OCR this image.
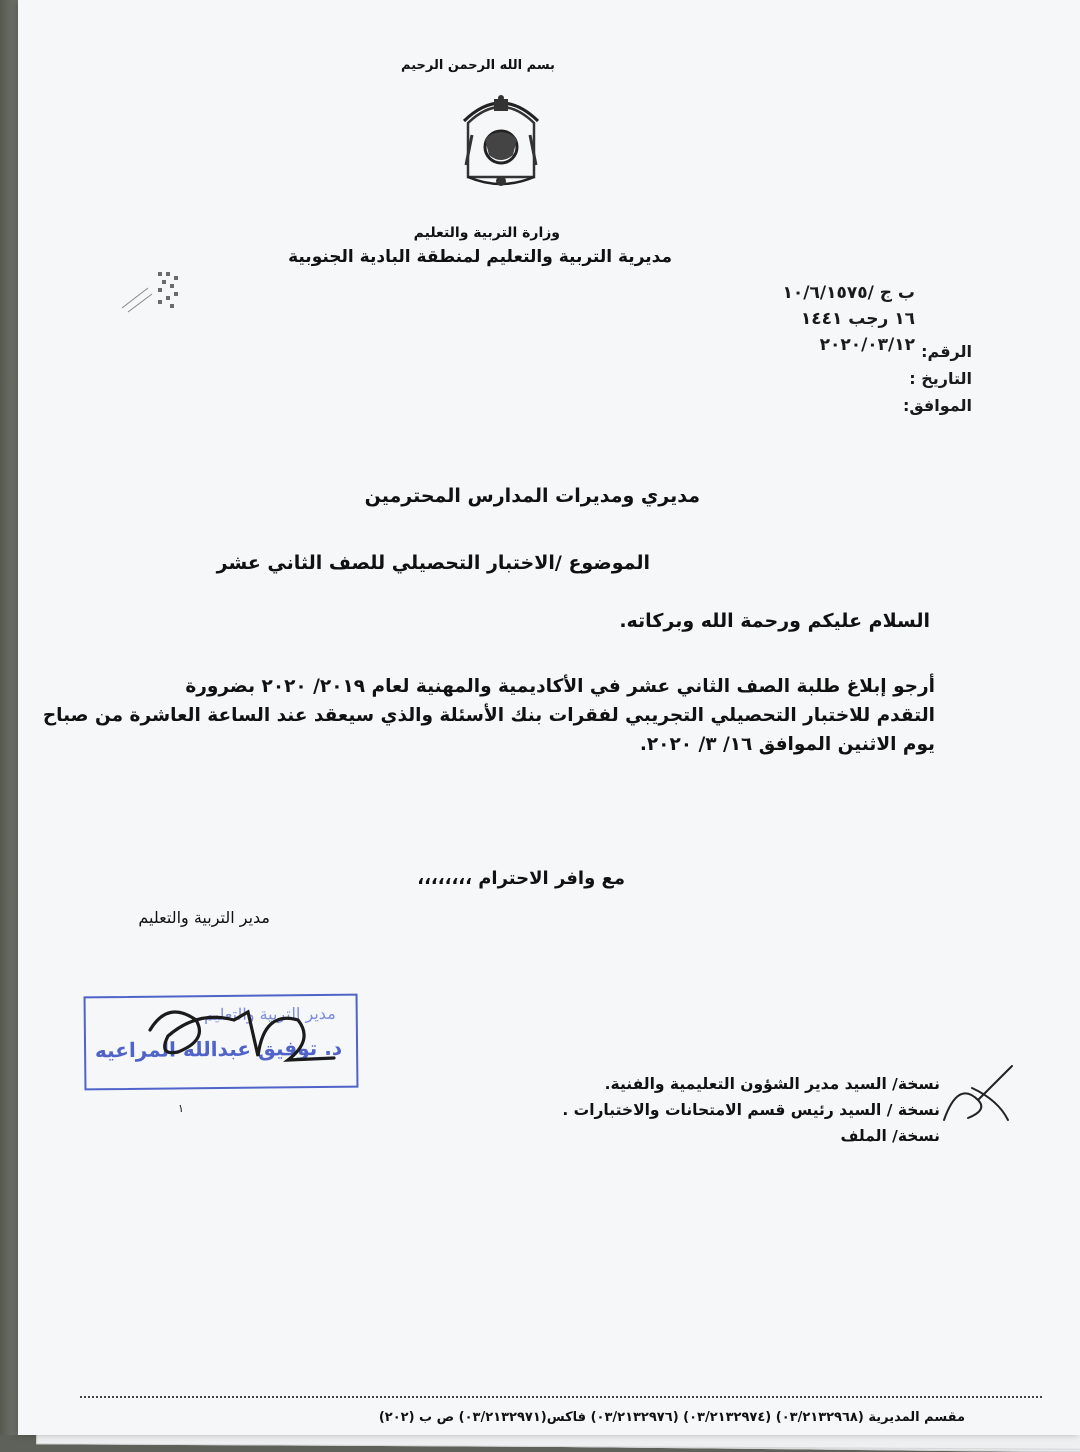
بسم الله الرحمن الرحيم
وزارة التربية والتعليم
مديرية التربية والتعليم لمنطقة البادية الجنوبية
ب ج /١٠/٦/١٥٧٥
١٦ رجب ١٤٤١
٢٠٢٠/٠٣/١٢ الرقم:
التاريخ :
الموافق:
مديري ومديرات المدارس المحترمين
الموضوع /الاختبار التحصيلي للصف الثاني عشر
السلام عليكم ورحمة الله وبركاته.
أرجو إبلاغ طلبة الصف الثاني عشر في الأكاديمية والمهنية لعام ٢٠١٩/ ٢٠٢٠ بضرورة
التقدم للاختبار التحصيلي التجريبي لفقرات بنك الأسئلة والذي سيعقد عند الساعة العاشرة من صباح
يوم الاثنين الموافق ١٦/ ٣/ ٢٠٢٠.
مع وافر الاحترام ،،،،،،،،
مدير التربية والتعليم
مدير التربية والتعليم
د. توفيق عبدالله المراعيه
نسخة/ السيد مدير الشؤون التعليمية والفنية.
نسخة / السيد رئيس قسم الامتحانات والاختبارات .
نسخة/ الملف
١
مقسم المديرية (٠٣/٢١٣٢٩٦٨) (٠٣/٢١٣٢٩٧٤) (٠٣/٢١٣٢٩٧٦) فاكس(٠٣/٢١٣٢٩٧١) ص ب (٢٠٢)
